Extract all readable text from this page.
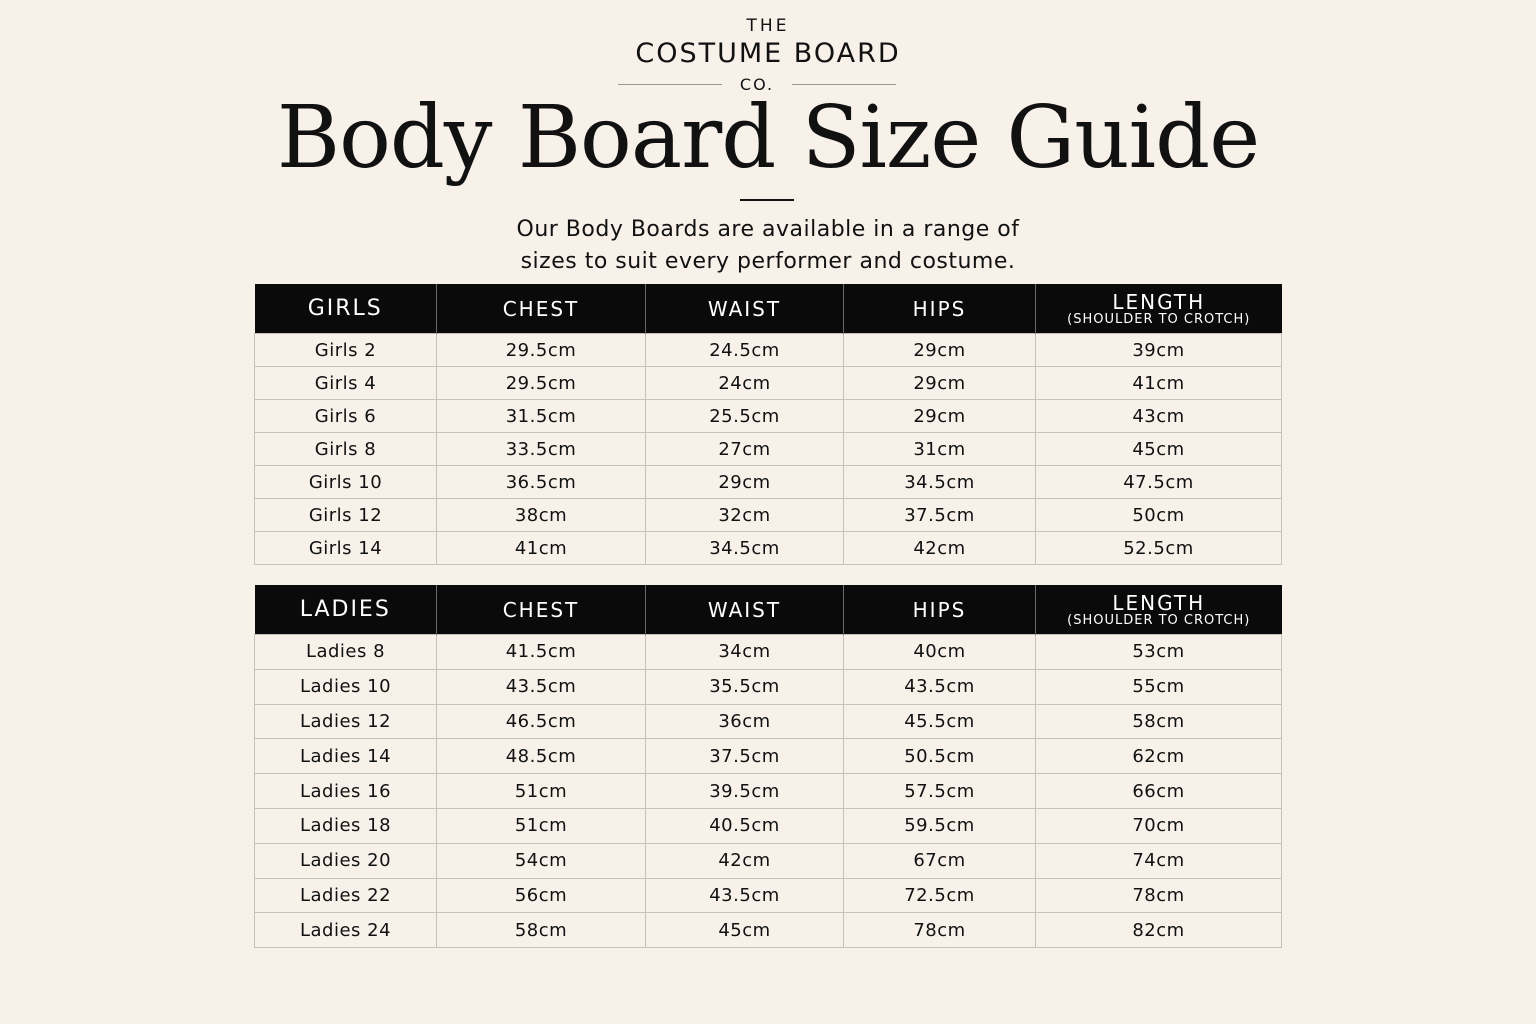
THE
COSTUME BOARD
CO.
Body Board Size Guide
Our Body Boards are available in a range of
sizes to suit every performer and costume.
GIRLS	CHEST	WAIST	HIPS	LENGTH
(SHOULDER TO CROTCH)

Girls 2	29.5cm	24.5cm	29cm	39cm
Girls 4	29.5cm	24cm	29cm	41cm
Girls 6	31.5cm	25.5cm	29cm	43cm
Girls 8	33.5cm	27cm	31cm	45cm
Girls 10	36.5cm	29cm	34.5cm	47.5cm
Girls 12	38cm	32cm	37.5cm	50cm
Girls 14	41cm	34.5cm	42cm	52.5cm
LADIES	CHEST	WAIST	HIPS	LENGTH
(SHOULDER TO CROTCH)

Ladies 8	41.5cm	34cm	40cm	53cm
Ladies 10	43.5cm	35.5cm	43.5cm	55cm
Ladies 12	46.5cm	36cm	45.5cm	58cm
Ladies 14	48.5cm	37.5cm	50.5cm	62cm
Ladies 16	51cm	39.5cm	57.5cm	66cm
Ladies 18	51cm	40.5cm	59.5cm	70cm
Ladies 20	54cm	42cm	67cm	74cm
Ladies 22	56cm	43.5cm	72.5cm	78cm
Ladies 24	58cm	45cm	78cm	82cm
